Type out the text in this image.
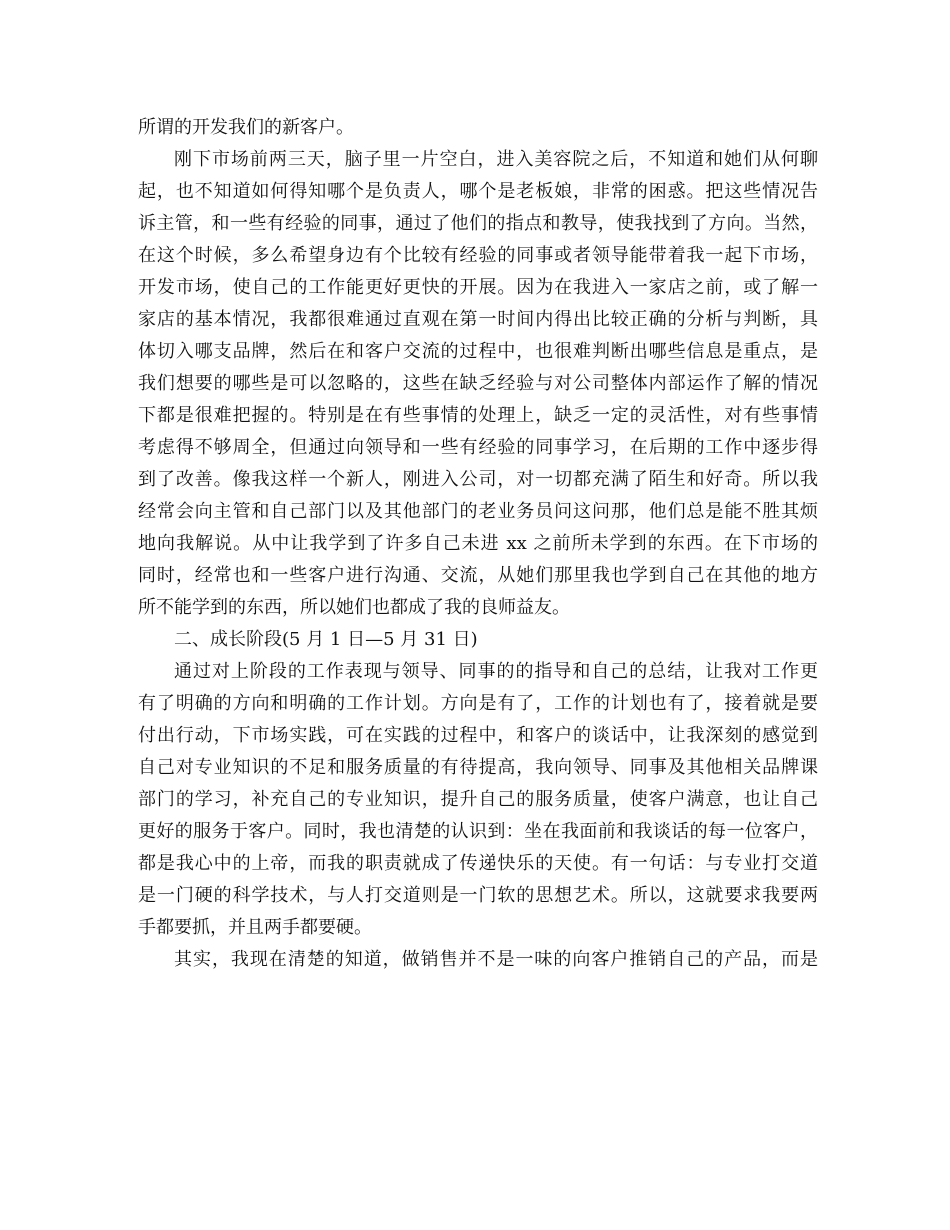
所谓的开发我们的新客户。
刚下市场前两三天，脑子里一片空白，进入美容院之后，不知道和她们从何聊
起，也不知道如何得知哪个是负责人，哪个是老板娘，非常的困惑。把这些情况告
诉主管，和一些有经验的同事，通过了他们的指点和教导，使我找到了方向。当然，
在这个时候，多么希望身边有个比较有经验的同事或者领导能带着我一起下市场，
开发市场，使自己的工作能更好更快的开展。因为在我进入一家店之前，或了解一
家店的基本情况，我都很难通过直观在第一时间内得出比较正确的分析与判断，具
体切入哪支品牌，然后在和客户交流的过程中，也很难判断出哪些信息是重点，是
我们想要的哪些是可以忽略的，这些在缺乏经验与对公司整体内部运作了解的情况
下都是很难把握的。特别是在有些事情的处理上，缺乏一定的灵活性，对有些事情
考虑得不够周全，但通过向领导和一些有经验的同事学习，在后期的工作中逐步得
到了改善。像我这样一个新人，刚进入公司，对一切都充满了陌生和好奇。所以我
经常会向主管和自己部门以及其他部门的老业务员问这问那，他们总是能不胜其烦
地向我解说。从中让我学到了许多自己未进 xx 之前所未学到的东西。在下市场的
同时，经常也和一些客户进行沟通、交流，从她们那里我也学到自己在其他的地方
所不能学到的东西，所以她们也都成了我的良师益友。
二、成长阶段(5 月 1 日—5 月 31 日)
通过对上阶段的工作表现与领导、同事的的指导和自己的总结，让我对工作更
有了明确的方向和明确的工作计划。方向是有了，工作的计划也有了，接着就是要
付出行动，下市场实践，可在实践的过程中，和客户的谈话中，让我深刻的感觉到
自己对专业知识的不足和服务质量的有待提高，我向领导、同事及其他相关品牌课
部门的学习，补充自己的专业知识，提升自己的服务质量，使客户满意，也让自己
更好的服务于客户。同时，我也清楚的认识到：坐在我面前和我谈话的每一位客户，
都是我心中的上帝，而我的职责就成了传递快乐的天使。有一句话：与专业打交道
是一门硬的科学技术，与人打交道则是一门软的思想艺术。所以，这就要求我要两
手都要抓，并且两手都要硬。
其实，我现在清楚的知道，做销售并不是一味的向客户推销自己的产品，而是
